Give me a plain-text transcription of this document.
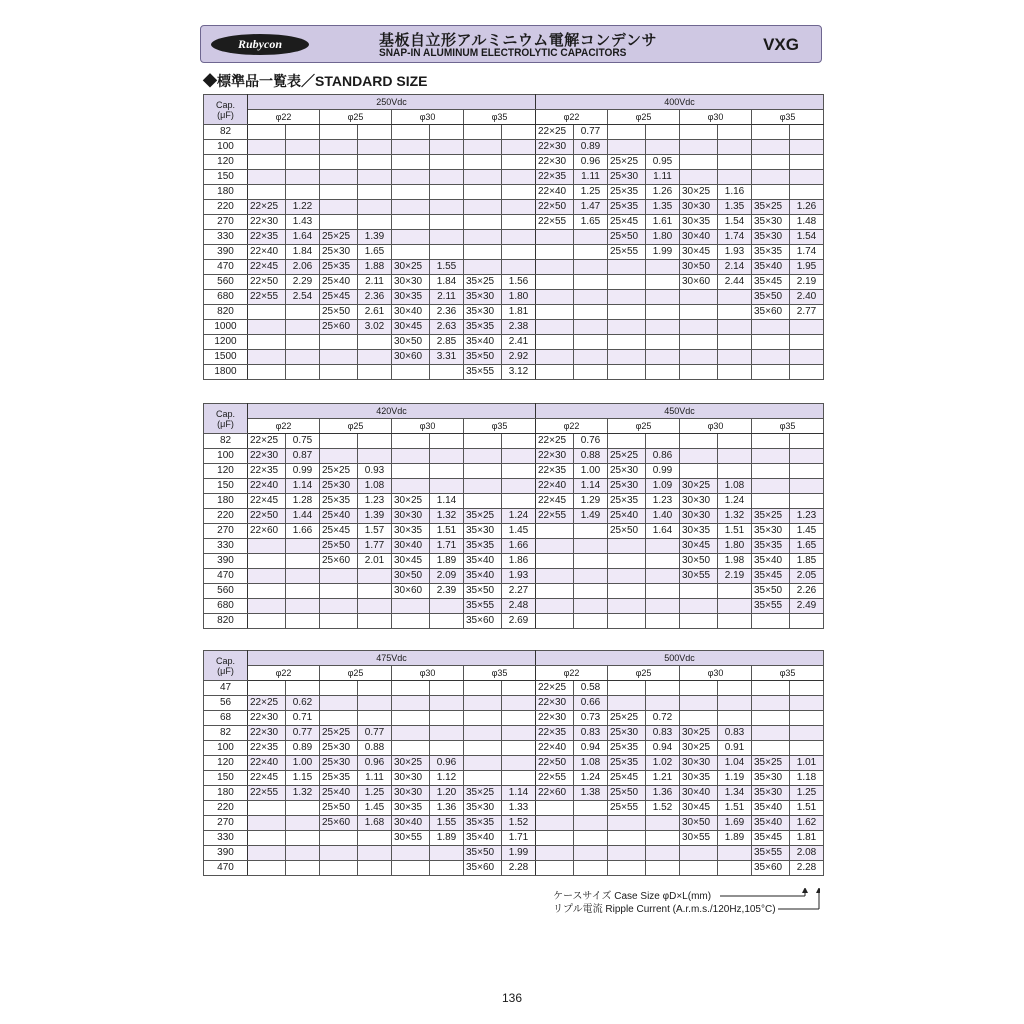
Rubycon	基板自立形アルミニウム電解コンデンサ
SNAP-IN ALUMINUM ELECTROLYTIC CAPACITORS	VXG
◆標準品一覧表／STANDARD SIZE
Cap.
(μF)	250Vdc								400Vdc							
	φ22		φ25		φ30		φ35		φ22		φ25		φ30		φ35	
82									22×25	0.77						
100									22×30	0.89						
120									22×30	0.96	25×25	0.95				
150									22×35	1.11	25×30	1.11				
180									22×40	1.25	25×35	1.26	30×25	1.16		
220	22×25	1.22							22×50	1.47	25×35	1.35	30×30	1.35	35×25	1.26
270	22×30	1.43							22×55	1.65	25×45	1.61	30×35	1.54	35×30	1.48
330	22×35	1.64	25×25	1.39							25×50	1.80	30×40	1.74	35×30	1.54
390	22×40	1.84	25×30	1.65							25×55	1.99	30×45	1.93	35×35	1.74
470	22×45	2.06	25×35	1.88	30×25	1.55							30×50	2.14	35×40	1.95
560	22×50	2.29	25×40	2.11	30×30	1.84	35×25	1.56					30×60	2.44	35×45	2.19
680	22×55	2.54	25×45	2.36	30×35	2.11	35×30	1.80							35×50	2.40
820			25×50	2.61	30×40	2.36	35×30	1.81							35×60	2.77
1000			25×60	3.02	30×45	2.63	35×35	2.38								
1200					30×50	2.85	35×40	2.41								
1500					30×60	3.31	35×50	2.92								
1800							35×55	3.12								
Cap.
(μF)	420Vdc								450Vdc							
	φ22		φ25		φ30		φ35		φ22		φ25		φ30		φ35	
82	22×25	0.75							22×25	0.76						
100	22×30	0.87							22×30	0.88	25×25	0.86				
120	22×35	0.99	25×25	0.93					22×35	1.00	25×30	0.99				
150	22×40	1.14	25×30	1.08					22×40	1.14	25×30	1.09	30×25	1.08		
180	22×45	1.28	25×35	1.23	30×25	1.14			22×45	1.29	25×35	1.23	30×30	1.24		
220	22×50	1.44	25×40	1.39	30×30	1.32	35×25	1.24	22×55	1.49	25×40	1.40	30×30	1.32	35×25	1.23
270	22×60	1.66	25×45	1.57	30×35	1.51	35×30	1.45			25×50	1.64	30×35	1.51	35×30	1.45
330			25×50	1.77	30×40	1.71	35×35	1.66					30×45	1.80	35×35	1.65
390			25×60	2.01	30×45	1.89	35×40	1.86					30×50	1.98	35×40	1.85
470					30×50	2.09	35×40	1.93					30×55	2.19	35×45	2.05
560					30×60	2.39	35×50	2.27							35×50	2.26
680							35×55	2.48							35×55	2.49
820							35×60	2.69								
Cap.
(μF)	475Vdc								500Vdc							
	φ22		φ25		φ30		φ35		φ22		φ25		φ30		φ35	
47									22×25	0.58						
56	22×25	0.62							22×30	0.66						
68	22×30	0.71							22×30	0.73	25×25	0.72				
82	22×30	0.77	25×25	0.77					22×35	0.83	25×30	0.83	30×25	0.83		
100	22×35	0.89	25×30	0.88					22×40	0.94	25×35	0.94	30×25	0.91		
120	22×40	1.00	25×30	0.96	30×25	0.96			22×50	1.08	25×35	1.02	30×30	1.04	35×25	1.01
150	22×45	1.15	25×35	1.11	30×30	1.12			22×55	1.24	25×45	1.21	30×35	1.19	35×30	1.18
180	22×55	1.32	25×40	1.25	30×30	1.20	35×25	1.14	22×60	1.38	25×50	1.36	30×40	1.34	35×30	1.25
220			25×50	1.45	30×35	1.36	35×30	1.33			25×55	1.52	30×45	1.51	35×40	1.51
270			25×60	1.68	30×40	1.55	35×35	1.52					30×50	1.69	35×40	1.62
330					30×55	1.89	35×40	1.71					30×55	1.89	35×45	1.81
390							35×50	1.99							35×55	2.08
470							35×60	2.28							35×60	2.28
ケースサイズ Case Size φD×L(mm)
リプル電流 Ripple Current (A.r.m.s./120Hz,105°C)
136
